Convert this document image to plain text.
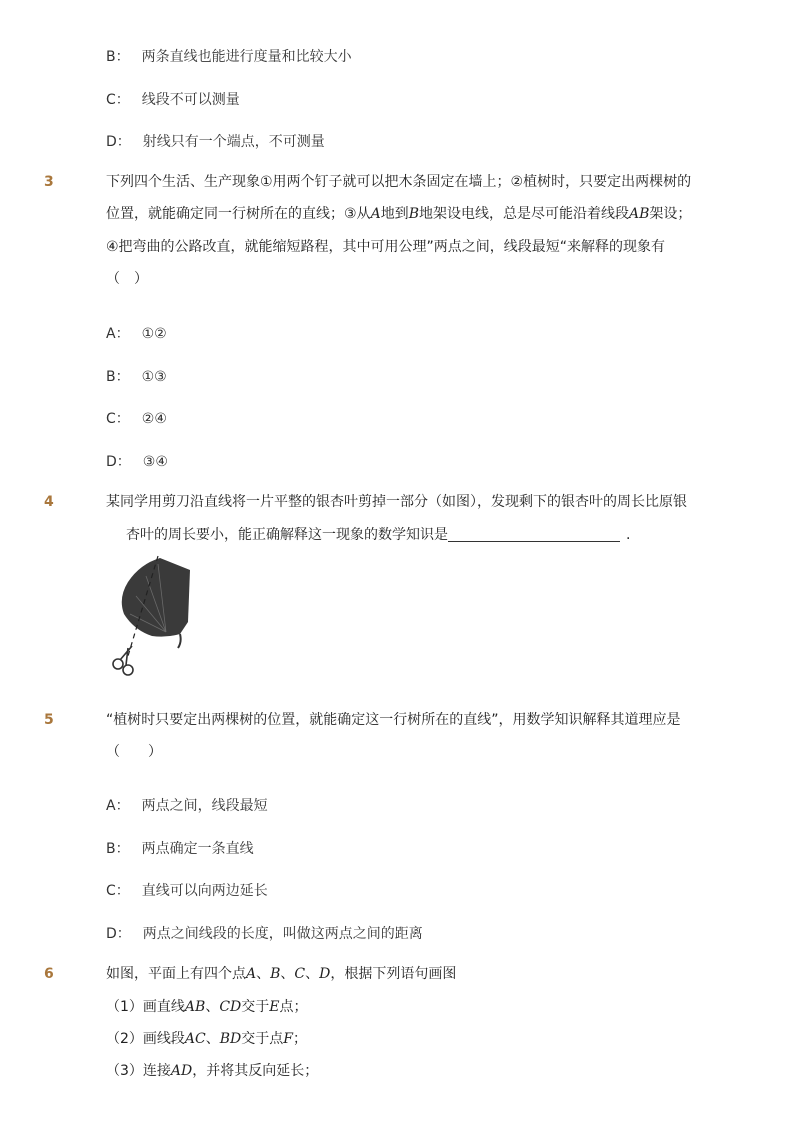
B： 两条直线也能进行度量和比较大小
C： 线段不可以测量
D： 射线只有一个端点，不可测量
3	下列四个生活、生产现象①用两个钉子就可以把木条固定在墙上；②植树时，只要定出两棵树的
位置，就能确定同一行树所在的直线；③从A地到B地架设电线，总是尽可能沿着线段AB架设；
④把弯曲的公路改直，就能缩短路程，其中可用公理”两点之间，线段最短“来解释的现象有
（　）
A： ①②
B： ①③
C： ②④
D： ③④
4	某同学用剪刀沿直线将一片平整的银杏叶剪掉一部分（如图），发现剩下的银杏叶的周长比原银
杏叶的周长要小，能正确解释这一现象的数学知识是	.
5	“植树时只要定出两棵树的位置，就能确定这一行树所在的直线”，用数学知识解释其道理应是
（　　）
A： 两点之间，线段最短
B： 两点确定一条直线
C： 直线可以向两边延长
D： 两点之间线段的长度，叫做这两点之间的距离
6	如图，平面上有四个点A、B、C、D，根据下列语句画图
（1）画直线AB、CD交于E点；
（2）画线段AC、BD交于点F；
（3）连接AD，并将其反向延长；
